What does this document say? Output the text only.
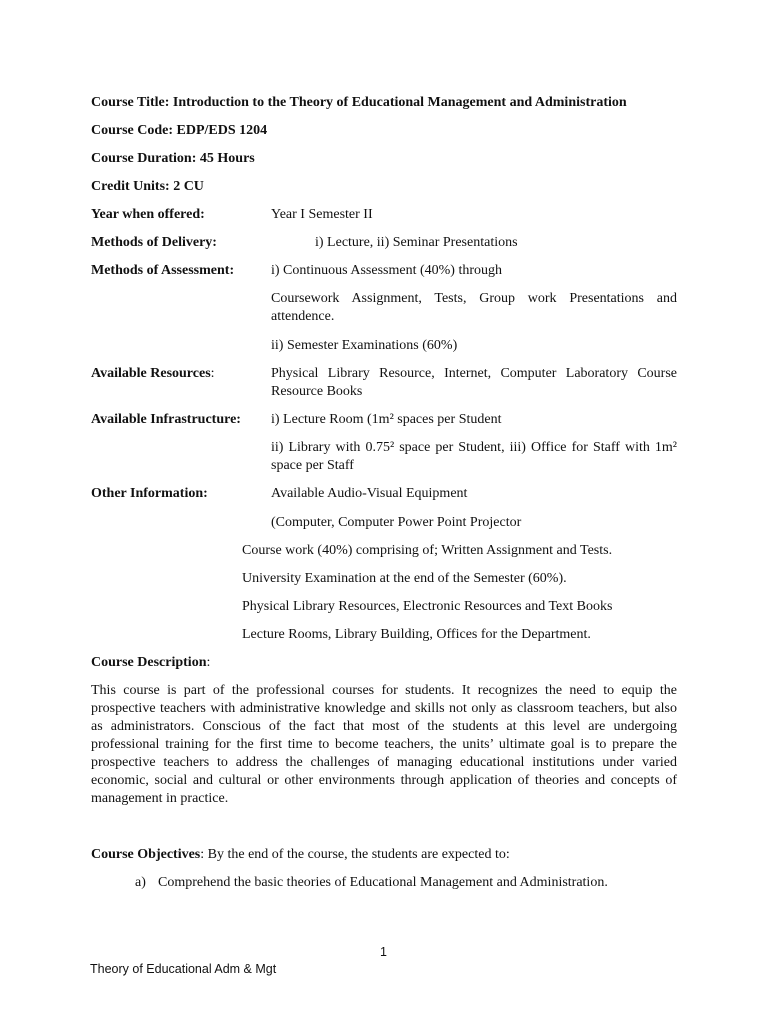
Course Title: Introduction to the Theory of Educational Management and Administration
Course Code: EDP/EDS 1204
Course Duration: 45 Hours
Credit Units: 2 CU
Year when offered:	Year I Semester II
Methods of Delivery:	i) Lecture, ii) Seminar Presentations
Methods of Assessment:	i) Continuous Assessment (40%) through
Coursework Assignment, Tests, Group work Presentations and attendence.
ii) Semester Examinations (60%)
Available Resources:	Physical Library Resource, Internet, Computer Laboratory Course Resource Books
Available Infrastructure: i) Lecture Room (1m² spaces per Student
ii) Library with 0.75² space per Student, iii) Office for Staff with 1m² space per Staff
Other Information:	Available Audio-Visual Equipment
(Computer, Computer Power Point Projector
Course work (40%) comprising of; Written Assignment and Tests.
University Examination at the end of the Semester (60%).
Physical Library Resources, Electronic Resources and Text Books
Lecture Rooms, Library Building, Offices for the Department.
Course Description:
This course is part of the professional courses for students. It recognizes the need to equip the prospective teachers with administrative knowledge and skills not only as classroom teachers, but also as administrators. Conscious of the fact that most of the students at this level are undergoing professional training for the first time to become teachers, the units’ ultimate goal is to prepare the prospective teachers to address the challenges of managing educational institutions under varied economic, social and cultural or other environments through application of theories and concepts of management in practice.
Course Objectives: By the end of the course, the students are expected to:
a) Comprehend the basic theories of Educational Management and Administration.
1
Theory of Educational Adm & Mgt
